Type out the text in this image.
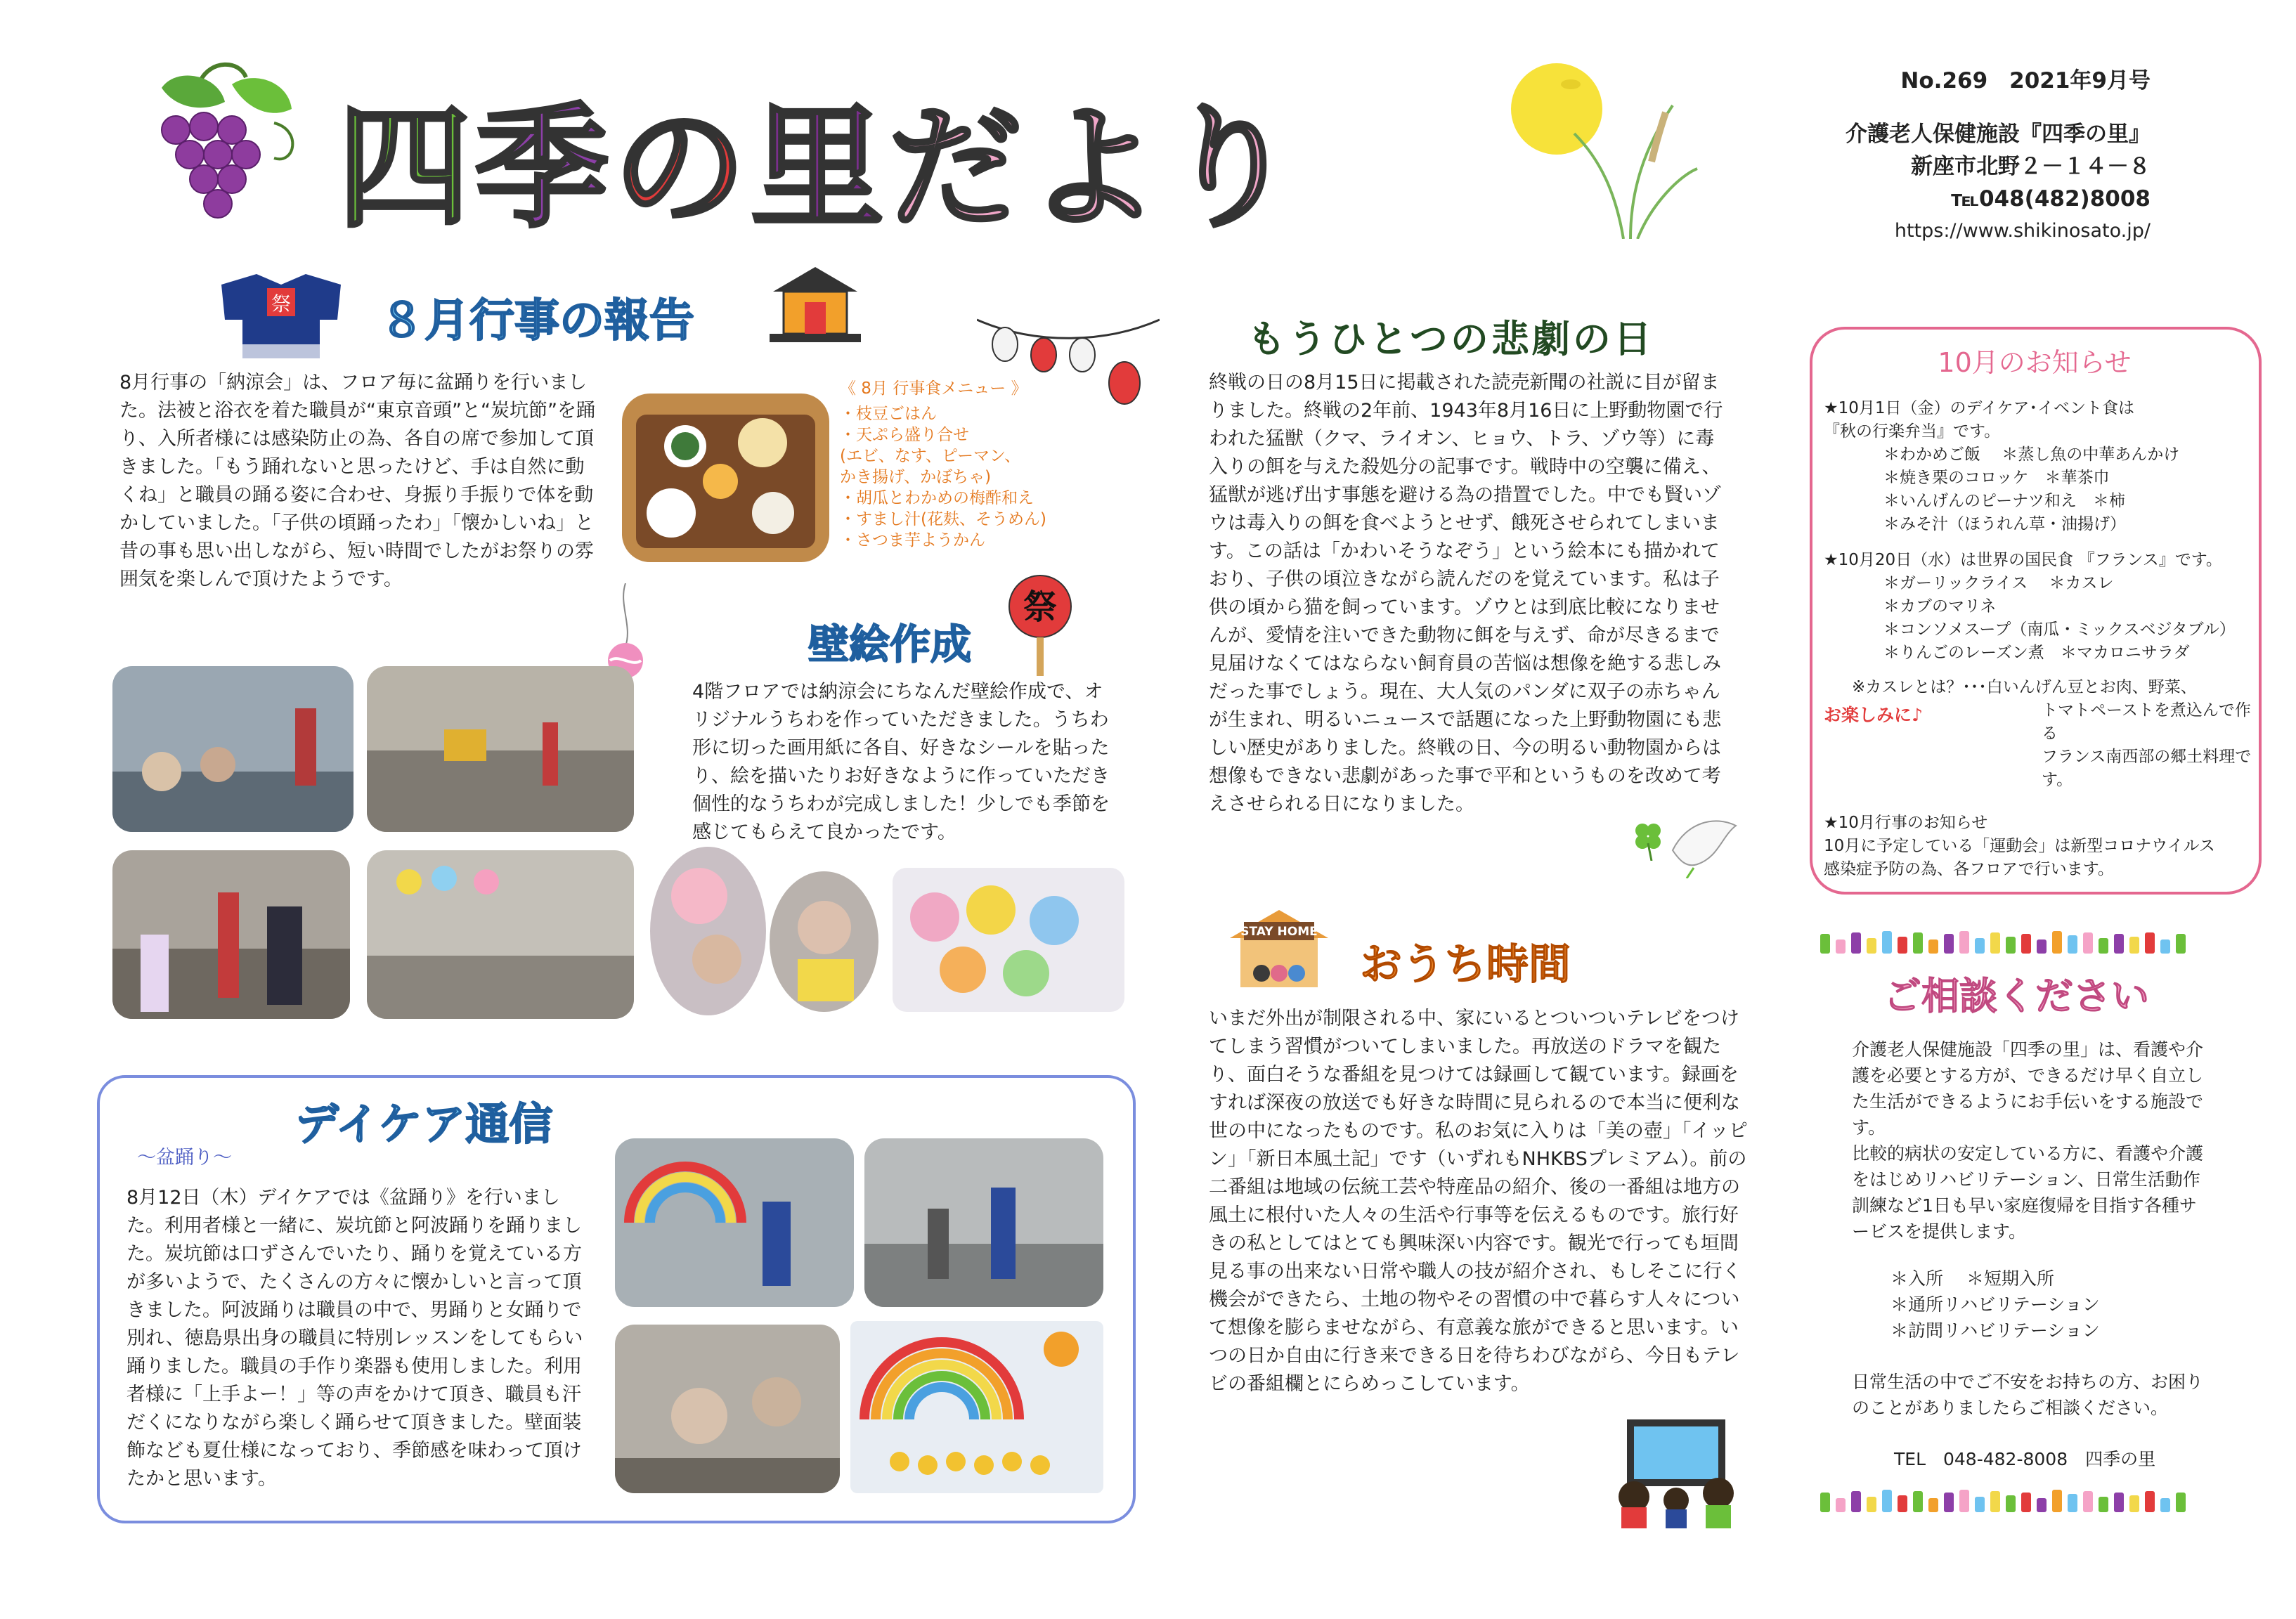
四季の里だより
No.269　2021年9月号
介護老人保健施設『四季の里』
新座市北野２－１４－８
℡048(482)8008
https://www.shikinosato.jp/
祭 ８月行事の報告
8月行事の「納涼会」は、フロア毎に盆踊りを行いました。法被と浴衣を着た職員が“東京音頭”と“炭坑節”を踊り、入所者様には感染防止の為、各自の席で参加して頂きました。「もう踊れないと思ったけど、手は自然に動くね」と職員の踊る姿に合わせ、身振り手振りで体を動かしていました。「子供の頃踊ったわ」「懐かしいね」と昔の事も思い出しながら、短い時間でしたがお祭りの雰囲気を楽しんで頂けたようです。
《 8月 行事食メニュー 》
・枝豆ごはん
・天ぷら盛り合せ
(エビ、なす、ピーマン、
かき揚げ、かぼちゃ)
・胡瓜とわかめの梅酢和え
・すまし汁(花麸、そうめん)
・さつま芋ようかん
壁絵作成
祭
4階フロアでは納涼会にちなんだ壁絵作成で、オリジナルうちわを作っていただきました。うちわ形に切った画用紙に各自、好きなシールを貼ったり、絵を描いたりお好きなように作っていただき個性的なうちわが完成しました！少しでも季節を感じてもらえて良かったです。
デイケア通信
～盆踊り～
8月12日（木）デイケアでは《盆踊り》を行いました。利用者様と一緒に、炭坑節と阿波踊りを踊りました。炭坑節は口ずさんでいたり、踊りを覚えている方が多いようで、たくさんの方々に懐かしいと言って頂きました。阿波踊りは職員の中で、男踊りと女踊りで別れ、徳島県出身の職員に特別レッスンをしてもらい踊りました。職員の手作り楽器も使用しました。利用者様に「上手よー！」等の声をかけて頂き、職員も汗だくになりながら楽しく踊らせて頂きました。壁面装飾なども夏仕様になっており、季節感を味わって頂けたかと思います。
もうひとつの悲劇の日
終戦の日の8月15日に掲載された読売新聞の社説に目が留まりました。終戦の2年前、1943年8月16日に上野動物園で行われた猛獣（クマ、ライオン、ヒョウ、トラ、ゾウ等）に毒入りの餌を与えた殺処分の記事です。戦時中の空襲に備え、猛獣が逃げ出す事態を避ける為の措置でした。中でも賢いゾウは毒入りの餌を食べようとせず、餓死させられてしまいます。この話は「かわいそうなぞう」という絵本にも描かれており、子供の頃泣きながら読んだのを覚えています。私は子供の頃から猫を飼っています。ゾウとは到底比較になりませんが、愛情を注いできた動物に餌を与えず、命が尽きるまで見届けなくてはならない飼育員の苦悩は想像を絶する悲しみだった事でしょう。現在、大人気のパンダに双子の赤ちゃんが生まれ、明るいニュースで話題になった上野動物園にも悲しい歴史がありました。終戦の日、今の明るい動物園からは想像もできない悲劇があった事で平和というものを改めて考えさせられる日になりました。
STAY HOME
おうち時間
いまだ外出が制限される中、家にいるとついついテレビをつけてしまう習慣がついてしまいました。再放送のドラマを観たり、面白そうな番組を見つけては録画して観ています。録画をすれば深夜の放送でも好きな時間に見られるので本当に便利な世の中になったものです。私のお気に入りは「美の壺」「イッピン」「新日本風土記」です（いずれもNHKBSプレミアム）。前の二番組は地域の伝統工芸や特産品の紹介、後の一番組は地方の風土に根付いた人々の生活や行事等を伝えるものです。旅行好きの私としてはとても興味深い内容です。観光で行っても垣間見る事の出来ない日常や職人の技が紹介され、もしそこに行く機会ができたら、土地の物やその習慣の中で暮らす人々について想像を膨らませながら、有意義な旅ができると思います。いつの日か自由に行き来できる日を待ちわびながら、今日もテレビの番組欄とにらめっこしています。
10月のお知らせ
★10月1日（金）のデイケア･イベント食は
『秋の行楽弁当』です。
＊わかめご飯　 ＊蒸し魚の中華あんかけ
＊焼き栗のコロッケ　＊華茶巾
＊いんげんのピーナツ和え　＊柿
＊みそ汁（ほうれん草・油揚げ）
★10月20日（水）は世界の国民食 『フランス』です。
＊ガーリックライス　 ＊カスレ
＊カブのマリネ
＊コンソメスープ（南瓜・ミックスベジタブル）
＊りんごのレーズン煮　＊マカロニサラダ
※カスレとは？･･･白いんげん豆とお肉、野菜、
お楽しみに♪	トマトペーストを煮込んで作る
フランス南西部の郷土料理です。
★10月行事のお知らせ
10月に予定している「運動会」は新型コロナウイルス
感染症予防の為、各フロアで行います。
ご相談ください

介護老人保健施設「四季の里」は、看護や介護を必要とする方が、できるだけ早く自立した生活ができるようにお手伝いをする施設です。

比較的病状の安定している方に、看護や介護をはじめリハビリテーション、日常生活動作訓練など1日も早い家庭復帰を目指す各種サービスを提供します。

＊入所　 ＊短期入所
＊通所リハビリテーション
＊訪問リハビリテーション

日常生活の中でご不安をお持ちの方、お困りのことがありましたらご相談ください。

TEL　048-482-8008　四季の里
